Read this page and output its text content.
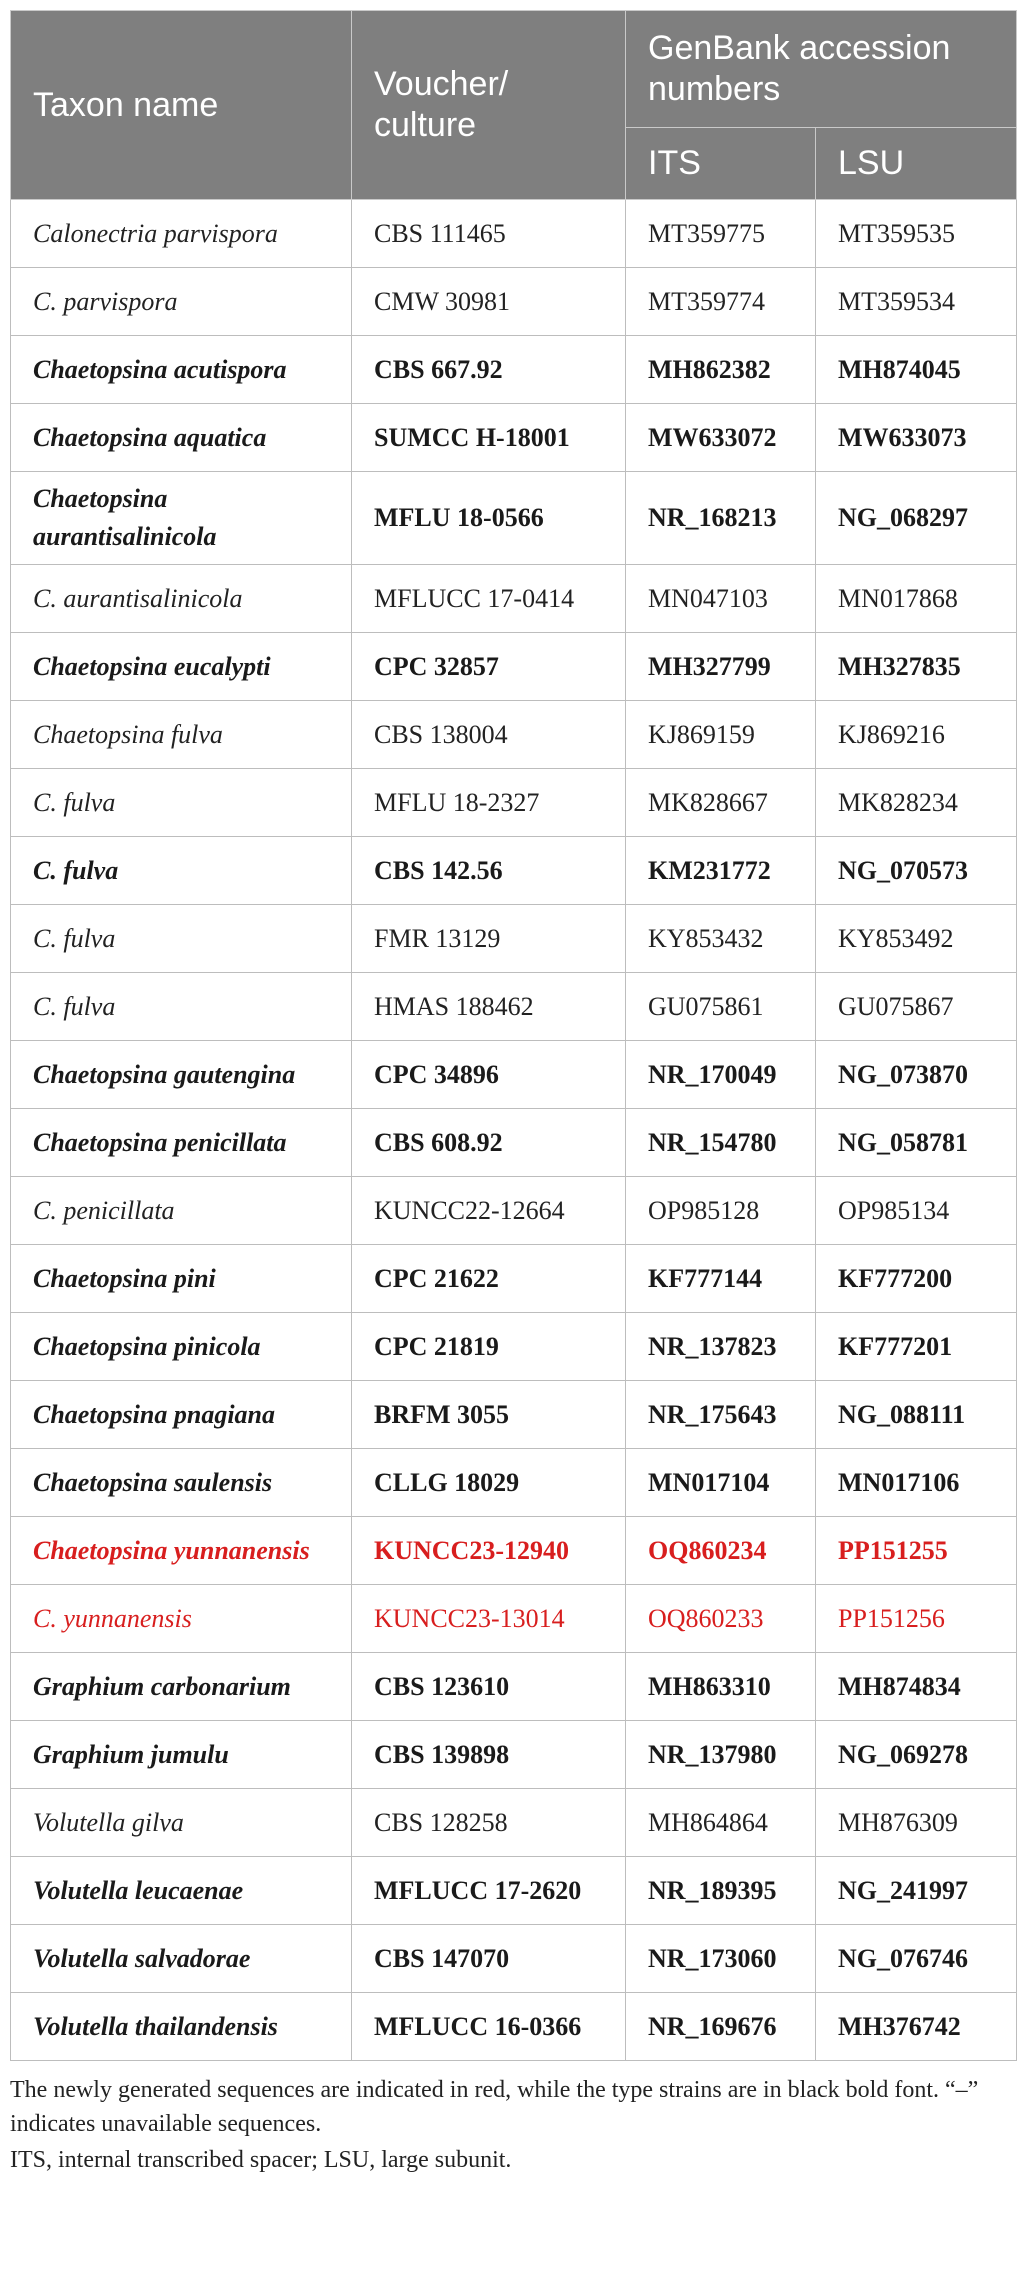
Taxon name	Voucher/ culture	GenBank accession numbers	
		ITS	LSU
Calonectria parvispora	CBS 111465	MT359775	MT359535
C. parvispora	CMW 30981	MT359774	MT359534
Chaetopsina acutispora	CBS 667.92	MH862382	MH874045
Chaetopsina aquatica	SUMCC H-18001	MW633072	MW633073
Chaetopsina aurantisalinicola	MFLU 18-0566	NR_168213	NG_068297
C. aurantisalinicola	MFLUCC 17-0414	MN047103	MN017868
Chaetopsina eucalypti	CPC 32857	MH327799	MH327835
Chaetopsina fulva	CBS 138004	KJ869159	KJ869216
C. fulva	MFLU 18-2327	MK828667	MK828234
C. fulva	CBS 142.56	KM231772	NG_070573
C. fulva	FMR 13129	KY853432	KY853492
C. fulva	HMAS 188462	GU075861	GU075867
Chaetopsina gautengina	CPC 34896	NR_170049	NG_073870
Chaetopsina penicillata	CBS 608.92	NR_154780	NG_058781
C. penicillata	KUNCC22-12664	OP985128	OP985134
Chaetopsina pini	CPC 21622	KF777144	KF777200
Chaetopsina pinicola	CPC 21819	NR_137823	KF777201
Chaetopsina pnagiana	BRFM 3055	NR_175643	NG_088111
Chaetopsina saulensis	CLLG 18029	MN017104	MN017106
Chaetopsina yunnanensis	KUNCC23-12940	OQ860234	PP151255
C. yunnanensis	KUNCC23-13014	OQ860233	PP151256
Graphium carbonarium	CBS 123610	MH863310	MH874834
Graphium jumulu	CBS 139898	NR_137980	NG_069278
Volutella gilva	CBS 128258	MH864864	MH876309
Volutella leucaenae	MFLUCC 17-2620	NR_189395	NG_241997
Volutella salvadorae	CBS 147070	NR_173060	NG_076746
Volutella thailandensis	MFLUCC 16-0366	NR_169676	MH376742

The newly generated sequences are indicated in red, while the type strains are in black bold font. “–” indicates unavailable sequences.

ITS, internal transcribed spacer; LSU, large subunit.
